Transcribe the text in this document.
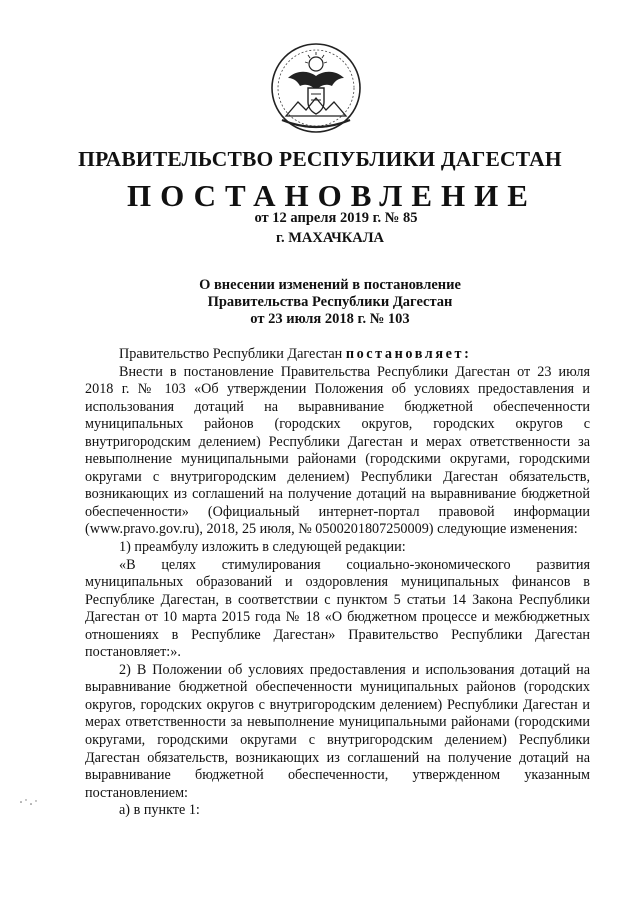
ПРАВИТЕЛЬСТВО РЕСПУБЛИКИ ДАГЕСТАН
ПОСТАНОВЛЕНИЕ
от 12 апреля 2019 г. № 85
г. МАХАЧКАЛА
О внесении изменений в постановление
Правительства Республики Дагестан
от 23 июля 2018 г. № 103

Правительство Республики Дагестан постановляет:

Внести в постановление Правительства Республики Дагестан от 23 июля 2018 г. № 103 «Об утверждении Положения об условиях предоставления и использования дотаций на выравнивание бюджетной обеспеченности муниципальных районов (городских округов, городских округов с внутригородским делением) Республики Дагестан и мерах ответственности за невыполнение муниципальными районами (городскими округами, городскими округами с внутригородским делением) Республики Дагестан обязательств, возникающих из соглашений на получение дотаций на выравнивание бюджетной обеспеченности» (Официальный интернет-портал правовой информации (www.pravo.gov.ru), 2018, 25 июля, № 0500201807250009) следующие изменения:

1) преамбулу изложить в следующей редакции:

«В целях стимулирования социально-экономического развития муниципальных образований и оздоровления муниципальных финансов в Республике Дагестан, в соответствии с пунктом 5 статьи 14 Закона Республики Дагестан от 10 марта 2015 года № 18 «О бюджетном процессе и межбюджетных отношениях в Республике Дагестан» Правительство Республики Дагестан постановляет:».

2) В Положении об условиях предоставления и использования дотаций на выравнивание бюджетной обеспеченности муниципальных районов (городских округов, городских округов с внутригородским делением) Республики Дагестан и мерах ответственности за невыполнение муниципальными районами (городскими округами, городскими округами с внутригородским делением) Республики Дагестан обязательств, возникающих из соглашений на получение дотаций на выравнивание бюджетной обеспеченности, утвержденном указанным постановлением:

а) в пункте 1:
